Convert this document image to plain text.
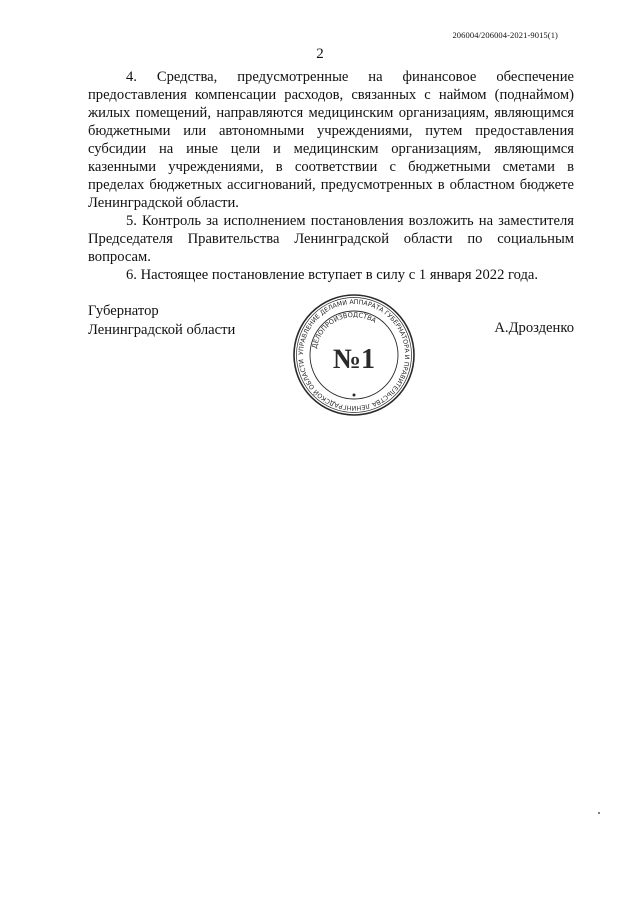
206004/206004-2021-9015(1)
2

4. Средства, предусмотренные на финансовое обеспечение предоставления компенсации расходов, связанных с наймом (поднаймом) жилых помещений, направляются медицинским организациям, являющимся бюджетными или автономными учреждениями, путем предоставления субсидии на иные цели и медицинским организациям, являющимся казенными учреждениями, в соответствии с бюджетными сметами в пределах бюджетных ассигнований, предусмотренных в областном бюджете Ленинградской области.

5. Контроль за исполнением постановления возложить на заместителя Председателя Правительства Ленинградской области по социальным вопросам.

6. Настоящее постановление вступает в силу с 1 января 2022 года.

Губернатор
Ленинградской области
УПРАВЛЕНИЕ ДЕЛАМИ АППАРАТА ГУБЕРНАТОРА И ПРАВИТЕЛЬСТВА ЛЕНИНГРАДСКОЙ ОБЛАСТИ
ДЕЛОПРОИЗВОДСТВА
№1
А.Дрозденко
